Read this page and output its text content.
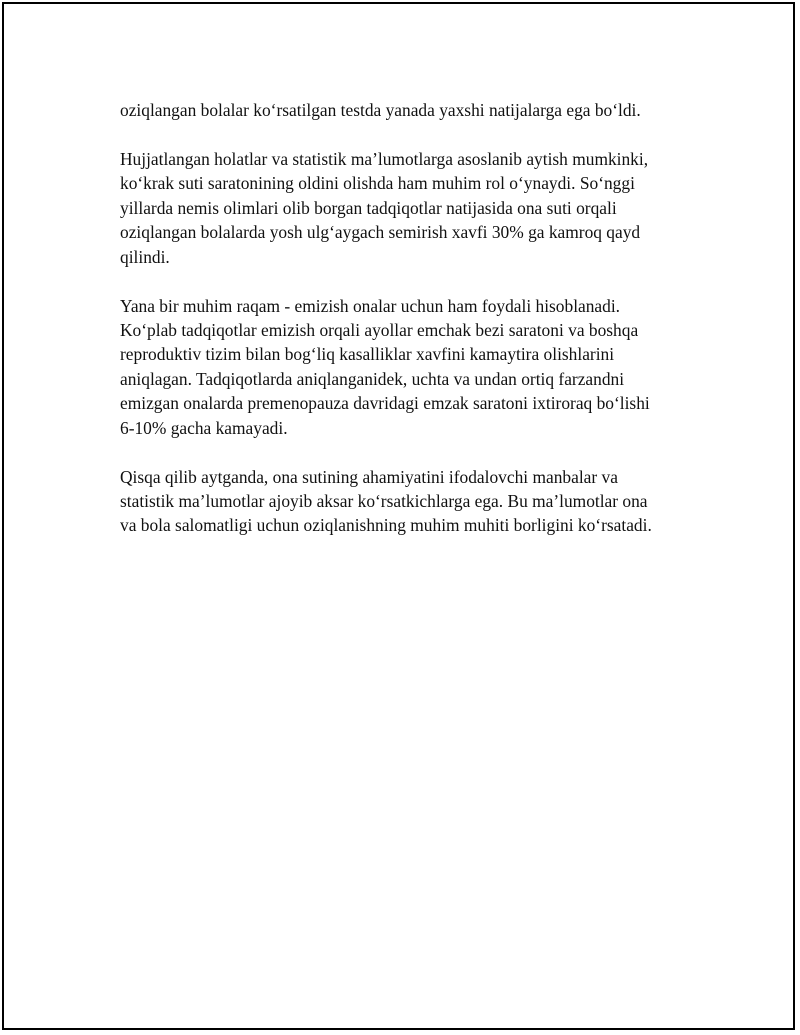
oziqlangan bolalar ko‘rsatilgan testda yanada yaxshi natijalarga ega bo‘ldi.

Hujjatlangan holatlar va statistik ma’lumotlarga asoslanib aytish mumkinki,
ko‘krak suti saratonining oldini olishda ham muhim rol o‘ynaydi. So‘nggi
yillarda nemis olimlari olib borgan tadqiqotlar natijasida ona suti orqali
oziqlangan bolalarda yosh ulg‘aygach semirish xavfi 30% ga kamroq qayd
qilindi.

Yana bir muhim raqam - emizish onalar uchun ham foydali hisoblanadi.
Ko‘plab tadqiqotlar emizish orqali ayollar emchak bezi saratoni va boshqa
reproduktiv tizim bilan bog‘liq kasalliklar xavfini kamaytira olishlarini
aniqlagan. Tadqiqotlarda aniqlanganidek, uchta va undan ortiq farzandni
emizgan onalarda premenopauza davridagi emzak saratoni ixtiroraq bo‘lishi
6-10% gacha kamayadi.

Qisqa qilib aytganda, ona sutining ahamiyatini ifodalovchi manbalar va
statistik ma’lumotlar ajoyib aksar ko‘rsatkichlarga ega. Bu ma’lumotlar ona
va bola salomatligi uchun oziqlanishning muhim muhiti borligini ko‘rsatadi.
